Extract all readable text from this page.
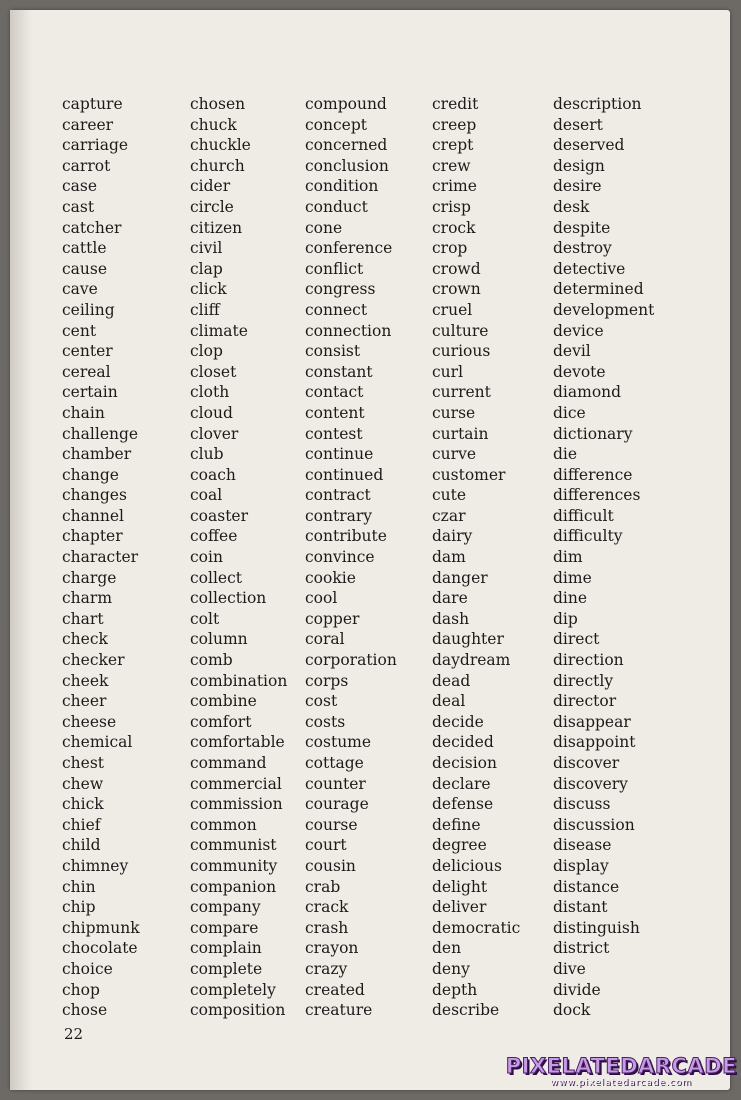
capture
career
carriage
carrot
case
cast
catcher
cattle
cause
cave
ceiling
cent
center
cereal
certain
chain
challenge
chamber
change
changes
channel
chapter
character
charge
charm
chart
check
checker
cheek
cheer
cheese
chemical
chest
chew
chick
chief
child
chimney
chin
chip
chipmunk
chocolate
choice
chop
chose
chosen
chuck
chuckle
church
cider
circle
citizen
civil
clap
click
cliff
climate
clop
closet
cloth
cloud
clover
club
coach
coal
coaster
coffee
coin
collect
collection
colt
column
comb
combination
combine
comfort
comfortable
command
commercial
commission
common
communist
community
companion
company
compare
complain
complete
completely
composition
compound
concept
concerned
conclusion
condition
conduct
cone
conference
conflict
congress
connect
connection
consist
constant
contact
content
contest
continue
continued
contract
contrary
contribute
convince
cookie
cool
copper
coral
corporation
corps
cost
costs
costume
cottage
counter
courage
course
court
cousin
crab
crack
crash
crayon
crazy
created
creature
credit
creep
crept
crew
crime
crisp
crock
crop
crowd
crown
cruel
culture
curious
curl
current
curse
curtain
curve
customer
cute
czar
dairy
dam
danger
dare
dash
daughter
daydream
dead
deal
decide
decided
decision
declare
defense
define
degree
delicious
delight
deliver
democratic
den
deny
depth
describe
description
desert
deserved
design
desire
desk
despite
destroy
detective
determined
development
device
devil
devote
diamond
dice
dictionary
die
difference
differences
difficult
difficulty
dim
dime
dine
dip
direct
direction
directly
director
disappear
disappoint
discover
discovery
discuss
discussion
disease
display
distance
distant
distinguish
district
dive
divide
dock
22
PIXELATEDARCADE
www.pixelatedarcade.com
